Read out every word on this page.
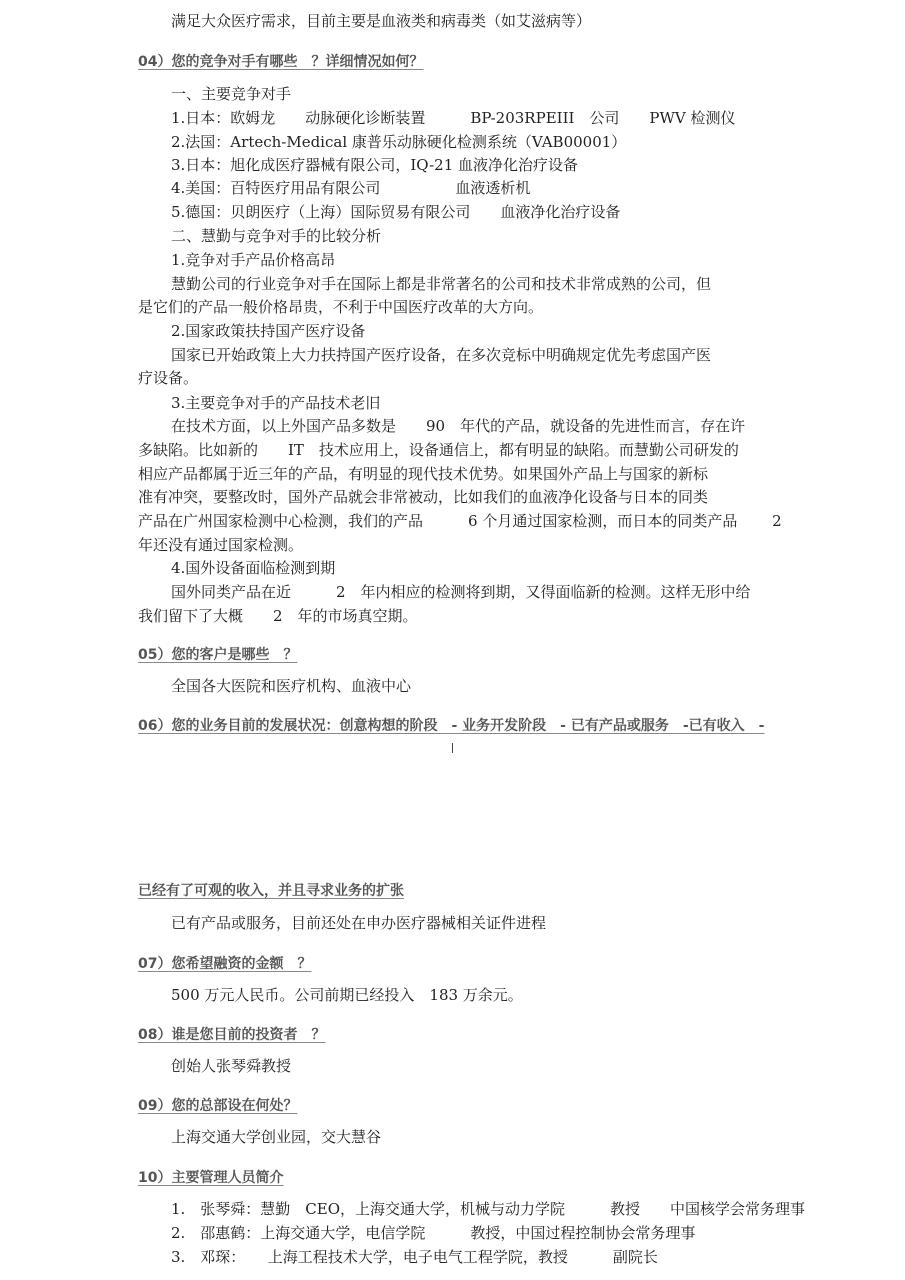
满足大众医疗需求，目前主要是血液类和病毒类（如艾滋病等）
04）您的竞争对手有哪些　？详细情况如何？
一、主要竞争对手
1.日本：欧姆龙　　动脉硬化诊断装置　　　BP-203RPEIII　公司　　PWV 检测仪
2.法国：Artech-Medical 康普乐动脉硬化检测系统（VAB00001）
3.日本：旭化成医疗器械有限公司，IQ-21 血液净化治疗设备
4.美国：百特医疗用品有限公司　　　　　血液透析机
5.德国：贝朗医疗（上海）国际贸易有限公司　　血液净化治疗设备
二、慧勤与竞争对手的比较分析
1.竞争对手产品价格高昂
慧勤公司的行业竞争对手在国际上都是非常著名的公司和技术非常成熟的公司，但
是它们的产品一般价格昂贵，不利于中国医疗改革的大方向。
2.国家政策扶持国产医疗设备
国家已开始政策上大力扶持国产医疗设备，在多次竞标中明确规定优先考虑国产医
疗设备。
3.主要竞争对手的产品技术老旧
在技术方面，以上外国产品多数是　　90　年代的产品，就设备的先进性而言，存在许
多缺陷。比如新的　　IT　技术应用上，设备通信上，都有明显的缺陷。而慧勤公司研发的
相应产品都属于近三年的产品，有明显的现代技术优势。如果国外产品上与国家的新标
准有冲突，要整改时，国外产品就会非常被动，比如我们的血液净化设备与日本的同类
产品在广州国家检测中心检测，我们的产品　　　6 个月通过国家检测，而日本的同类产品　　 2
年还没有通过国家检测。
4.国外设备面临检测到期
国外同类产品在近　　　2　年内相应的检测将到期，又得面临新的检测。这样无形中给
我们留下了大概　　2　年的市场真空期。
05）您的客户是哪些　？
全国各大医院和医疗机构、血液中心
06）您的业务目前的发展状况：创意构想的阶段　- 业务开发阶段　- 已有产品或服务　-已有收入　-
已经有了可观的收入，并且寻求业务的扩张
已有产品或服务，目前还处在申办医疗器械相关证件进程
07）您希望融资的金额　？
500 万元人民币。公司前期已经投入　183 万余元。
08）谁是您目前的投资者　？
创始人张琴舜教授
09）您的总部设在何处？
上海交通大学创业园，交大慧谷
10）主要管理人员简介
1.　张琴舜：慧勤　CEO，上海交通大学，机械与动力学院　　　教授　　中国核学会常务理事
2.　邵惠鹤：上海交通大学，电信学院　　　教授，中国过程控制协会常务理事
3.　邓琛：　　上海工程技术大学，电子电气工程学院，教授　　　副院长
